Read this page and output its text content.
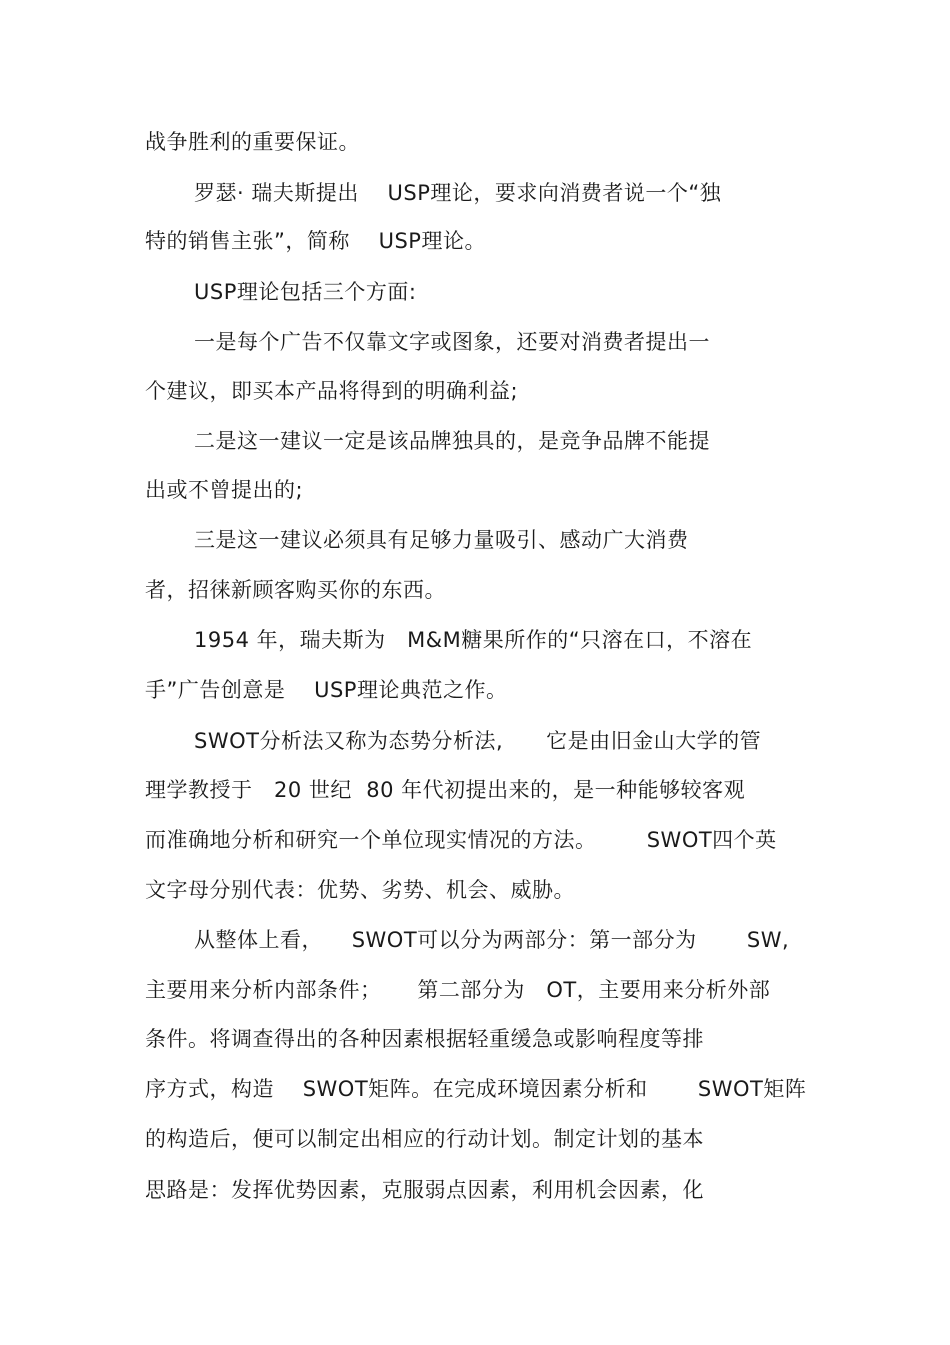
战争胜利的重要保证。
罗瑟· 瑞夫斯提出    USP理论，要求向消费者说一个“独
特的销售主张”，简称    USP理论。
USP理论包括三个方面:
一是每个广告不仅靠文字或图象，还要对消费者提出一
个建议，即买本产品将得到的明确利益;
二是这一建议一定是该品牌独具的，是竞争品牌不能提
出或不曾提出的;
三是这一建议必须具有足够力量吸引、感动广大消费
者，招徕新顾客购买你的东西。
1954 年，瑞夫斯为   M&M糖果所作的“只溶在口，不溶在
手”广告创意是    USP理论典范之作。
SWOT分析法又称为态势分析法,      它是由旧金山大学的管
理学教授于   20 世纪  80 年代初提出来的，是一种能够较客观
而准确地分析和研究一个单位现实情况的方法。       SWOT四个英
文字母分别代表：优势、劣势、机会、威胁。
从整体上看，    SWOT可以分为两部分：第一部分为       SW,
主要用来分析内部条件；     第二部分为   OT，主要用来分析外部
条件。将调查得出的各种因素根据轻重缓急或影响程度等排
序方式，构造    SWOT矩阵。在完成环境因素分析和       SWOT矩阵
的构造后，便可以制定出相应的行动计划。制定计划的基本
思路是：发挥优势因素，克服弱点因素，利用机会因素，化
